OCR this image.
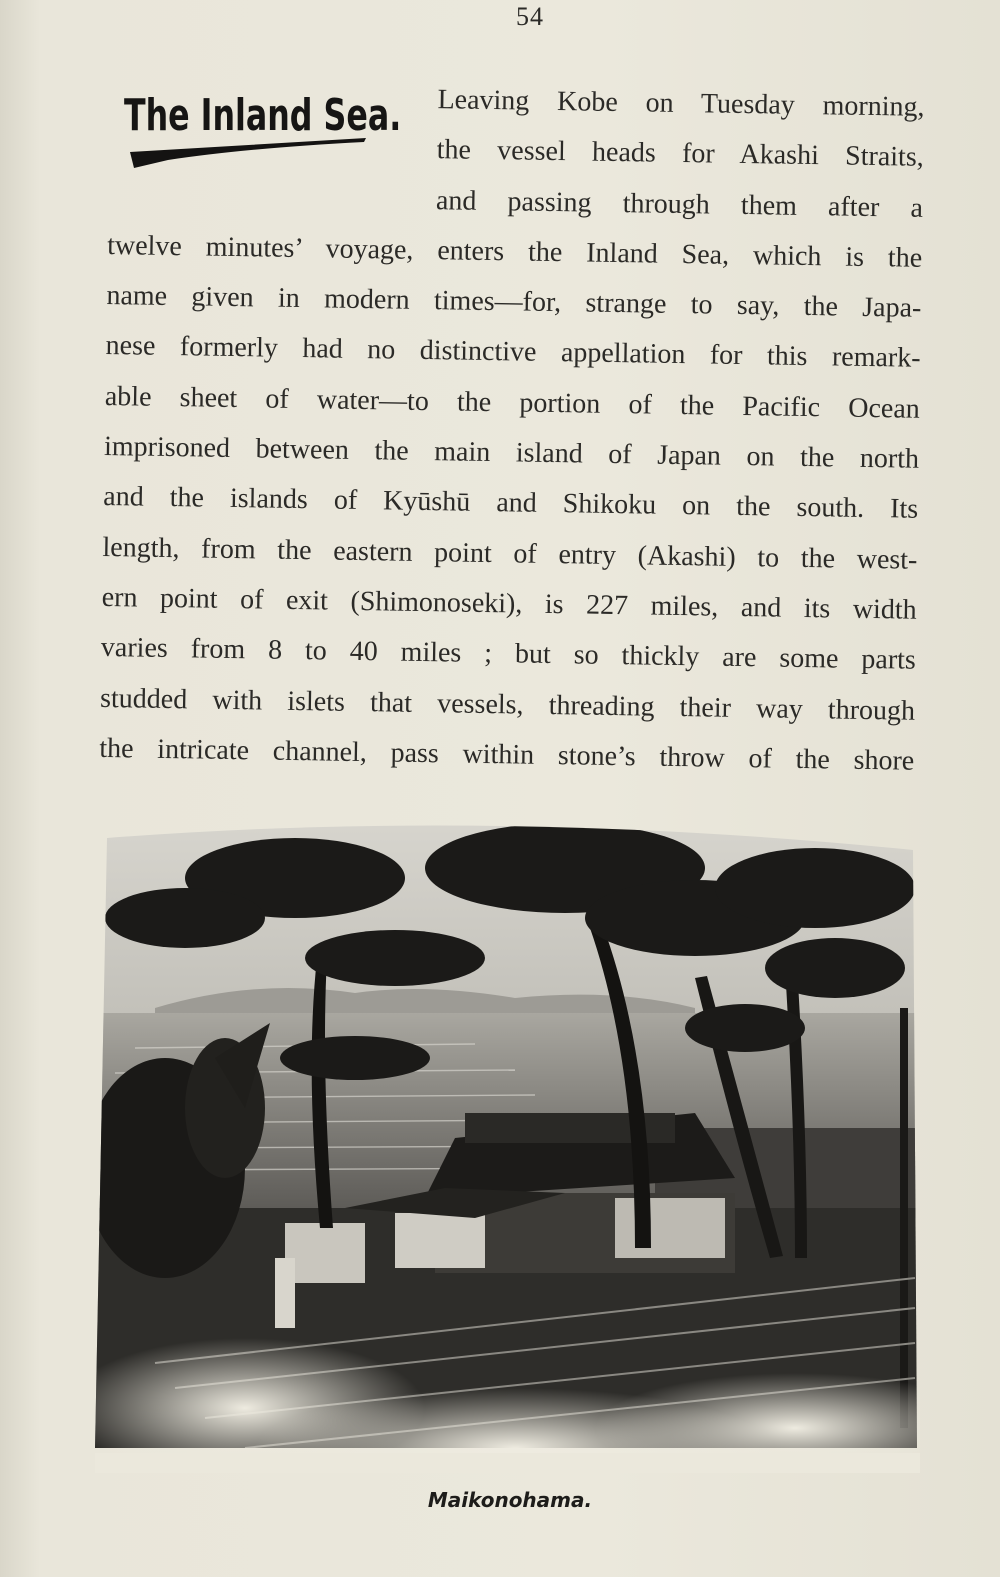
54
The Inland Sea.	Leaving Kobe on Tuesday morning,
the vessel heads for Akashi Straits,
and passing through them after a
twelve minutes’ voyage, enters the Inland Sea, which is the
name given in modern times—for, strange to say, the Japa-
nese formerly had no distinctive appellation for this remark-
able sheet of water—to the portion of the Pacific Ocean
imprisoned between the main island of Japan on the north
and the islands of Kyūshū and Shikoku on the south. Its
length, from the eastern point of entry (Akashi) to the west-
ern point of exit (Shimonoseki), is 227 miles, and its width
varies from 8 to 40 miles ; but so thickly are some parts
studded with islets that vessels, threading their way through
the intricate channel, pass within stone’s throw of the shore
Maikonohama.
